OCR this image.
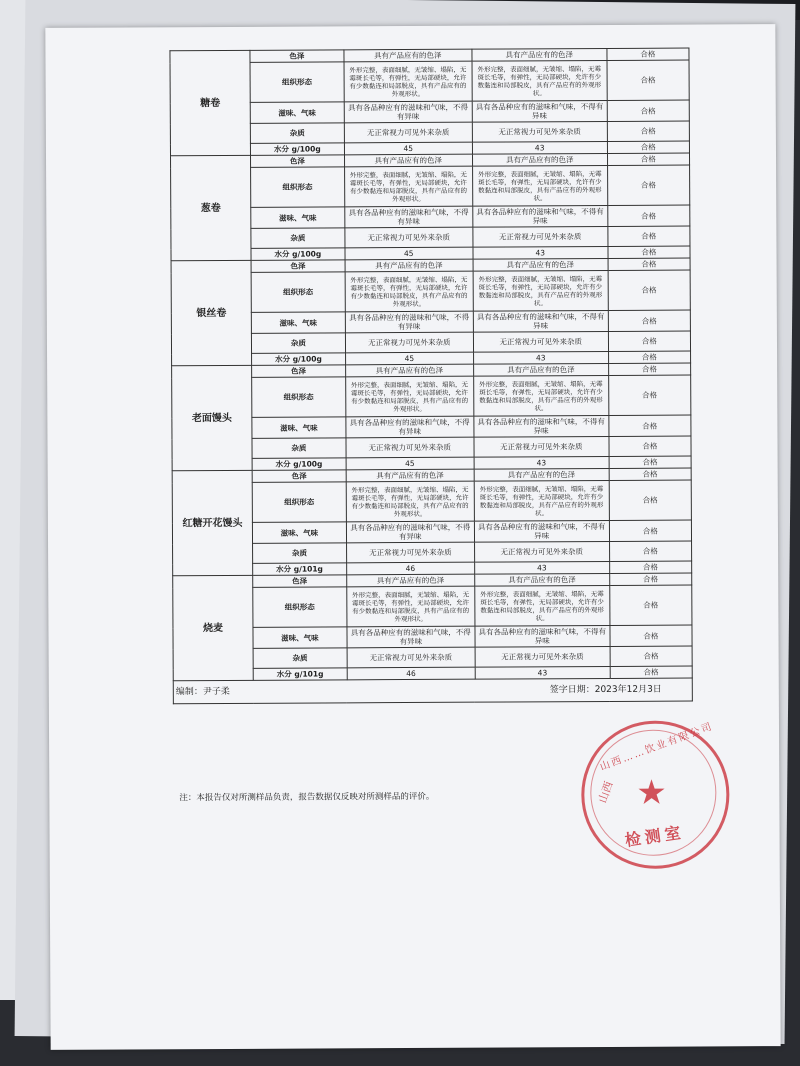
糖卷	色泽	具有产品应有的色泽	具有产品应有的色泽	合格
	组织形态	外形完整，表面细腻，无皱缩、塌陷，无霉斑长毛等，有弹性，无局部硬块，允许有少数黏连和局部脱皮，具有产品应有的外观形状。	外形完整，表面细腻，无皱缩、塌陷，无霉斑长毛等，有弹性，无局部硬块，允许有少数黏连和局部脱皮，具有产品应有的外观形状。	合格
	滋味、气味	具有各品种应有的滋味和气味，不得有异味	具有各品种应有的滋味和气味，不得有异味	合格
	杂质	无正常视力可见外来杂质	无正常视力可见外来杂质	合格
	水分 g/100g	45	43	合格
葱卷	色泽	具有产品应有的色泽	具有产品应有的色泽	合格
	组织形态	外形完整，表面细腻，无皱缩、塌陷，无霉斑长毛等，有弹性，无局部硬块，允许有少数黏连和局部脱皮，具有产品应有的外观形状。	外形完整，表面细腻，无皱缩、塌陷，无霉斑长毛等，有弹性，无局部硬块，允许有少数黏连和局部脱皮，具有产品应有的外观形状。	合格
	滋味、气味	具有各品种应有的滋味和气味，不得有异味	具有各品种应有的滋味和气味，不得有异味	合格
	杂质	无正常视力可见外来杂质	无正常视力可见外来杂质	合格
	水分 g/100g	45	43	合格
银丝卷	色泽	具有产品应有的色泽	具有产品应有的色泽	合格
	组织形态	外形完整，表面细腻，无皱缩、塌陷，无霉斑长毛等，有弹性，无局部硬块，允许有少数黏连和局部脱皮，具有产品应有的外观形状。	外形完整，表面细腻，无皱缩、塌陷，无霉斑长毛等，有弹性，无局部硬块，允许有少数黏连和局部脱皮，具有产品应有的外观形状。	合格
	滋味、气味	具有各品种应有的滋味和气味，不得有异味	具有各品种应有的滋味和气味，不得有异味	合格
	杂质	无正常视力可见外来杂质	无正常视力可见外来杂质	合格
	水分 g/100g	45	43	合格
老面馒头	色泽	具有产品应有的色泽	具有产品应有的色泽	合格
	组织形态	外形完整，表面细腻，无皱缩、塌陷，无霉斑长毛等，有弹性，无局部硬块，允许有少数黏连和局部脱皮，具有产品应有的外观形状。	外形完整，表面细腻，无皱缩、塌陷，无霉斑长毛等，有弹性，无局部硬块，允许有少数黏连和局部脱皮，具有产品应有的外观形状。	合格
	滋味、气味	具有各品种应有的滋味和气味，不得有异味	具有各品种应有的滋味和气味，不得有异味	合格
	杂质	无正常视力可见外来杂质	无正常视力可见外来杂质	合格
	水分 g/100g	45	43	合格
红糖开花馒头	色泽	具有产品应有的色泽	具有产品应有的色泽	合格
	组织形态	外形完整，表面细腻，无皱缩、塌陷，无霉斑长毛等，有弹性，无局部硬块，允许有少数黏连和局部脱皮，具有产品应有的外观形状。	外形完整，表面细腻，无皱缩、塌陷，无霉斑长毛等，有弹性，无局部硬块，允许有少数黏连和局部脱皮，具有产品应有的外观形状。	合格
	滋味、气味	具有各品种应有的滋味和气味，不得有异味	具有各品种应有的滋味和气味，不得有异味	合格
	杂质	无正常视力可见外来杂质	无正常视力可见外来杂质	合格
	水分 g/101g	46	43	合格
烧麦	色泽	具有产品应有的色泽	具有产品应有的色泽	合格
	组织形态	外形完整，表面细腻，无皱缩、塌陷，无霉斑长毛等，有弹性，无局部硬块，允许有少数黏连和局部脱皮，具有产品应有的外观形状。	外形完整，表面细腻，无皱缩、塌陷，无霉斑长毛等，有弹性，无局部硬块，允许有少数黏连和局部脱皮，具有产品应有的外观形状。	合格
	滋味、气味	具有各品种应有的滋味和气味，不得有异味	具有各品种应有的滋味和气味，不得有异味	合格
	杂质	无正常视力可见外来杂质	无正常视力可见外来杂质	合格
	水分 g/101g	46	43	合格
编制：尹子柔			签字日期：2023年12月3日	
注：本报告仅对所测样品负责，报告数据仅反映对所测样品的评价。
山西……饮业有限公司
山西 ★
检测室
